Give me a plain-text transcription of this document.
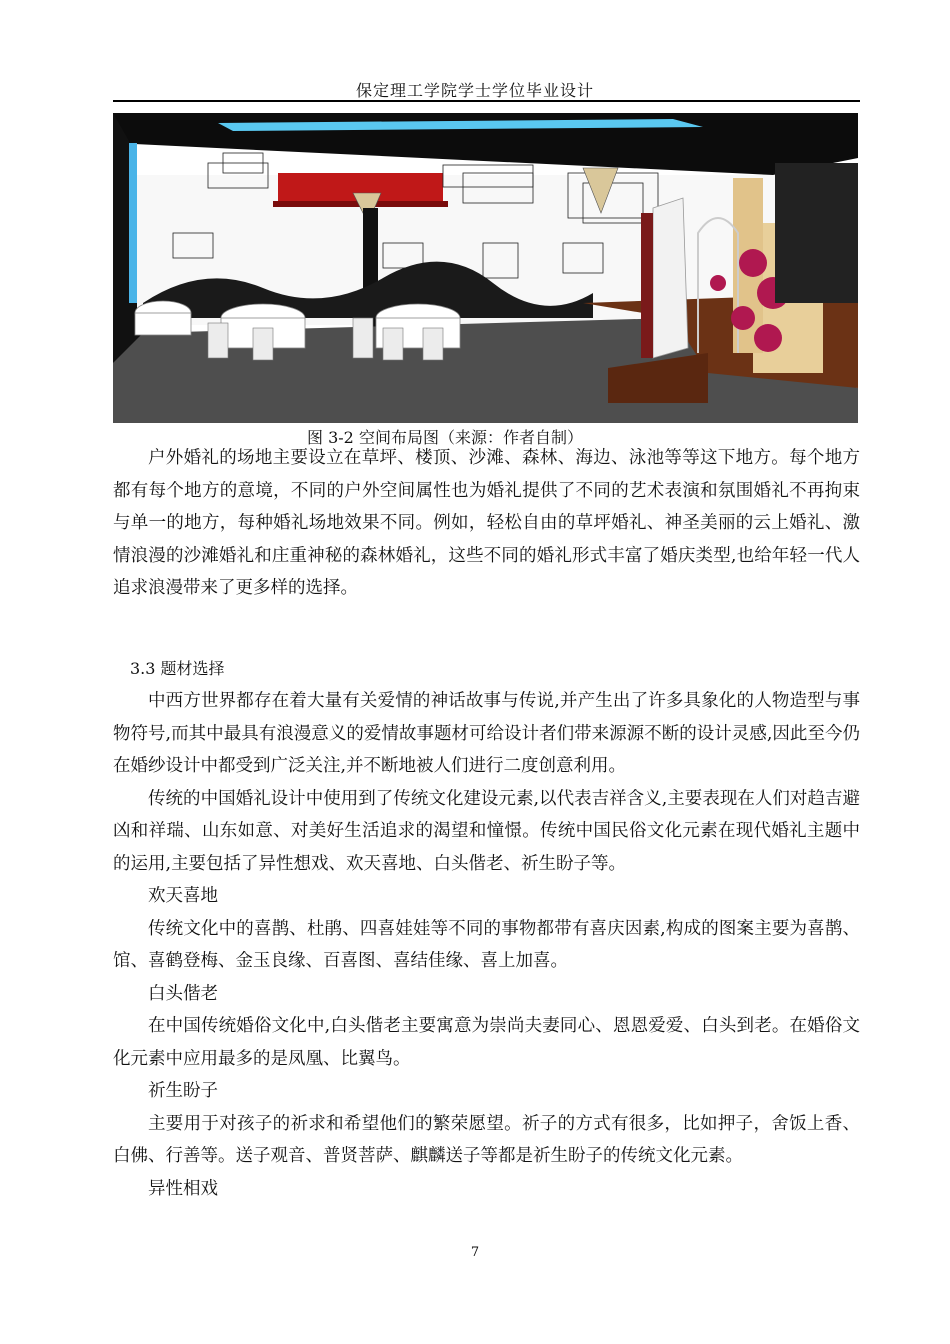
保定理工学院学士学位毕业设计
图 3-2 空间布局图（来源：作者自制）

户外婚礼的场地主要设立在草坪、楼顶、沙滩、森林、海边、泳池等等这下地方。每个地方都有每个地方的意境，不同的户外空间属性也为婚礼提供了不同的艺术表演和氛围婚礼不再拘束与单一的地方，每种婚礼场地效果不同。例如，轻松自由的草坪婚礼、神圣美丽的云上婚礼、激情浪漫的沙滩婚礼和庄重神秘的森林婚礼，这些不同的婚礼形式丰富了婚庆类型,也给年轻一代人追求浪漫带来了更多样的选择。

3.3 题材选择

中西方世界都存在着大量有关爱情的神话故事与传说,并产生出了许多具象化的人物造型与事物符号,而其中最具有浪漫意义的爱情故事题材可给设计者们带来源源不断的设计灵感,因此至今仍在婚纱设计中都受到广泛关注,并不断地被人们进行二度创意利用。

传统的中国婚礼设计中使用到了传统文化建设元素,以代表吉祥含义,主要表现在人们对趋吉避凶和祥瑞、山东如意、对美好生活追求的渴望和憧憬。传统中国民俗文化元素在现代婚礼主题中的运用,主要包括了异性想戏、欢天喜地、白头偕老、祈生盼子等。

欢天喜地

传统文化中的喜鹊、杜鹃、四喜娃娃等不同的事物都带有喜庆因素,构成的图案主要为喜鹊、馆、喜鹤登梅、金玉良缘、百喜图、喜结佳缘、喜上加喜。

白头偕老

在中国传统婚俗文化中,白头偕老主要寓意为崇尚夫妻同心、恩恩爱爱、白头到老。在婚俗文化元素中应用最多的是凤凰、比翼鸟。

祈生盼子

主要用于对孩子的祈求和希望他们的繁荣愿望。祈子的方式有很多，比如押子，舍饭上香、白佛、行善等。送子观音、普贤菩萨、麒麟送子等都是祈生盼子的传统文化元素。

异性相戏

7
